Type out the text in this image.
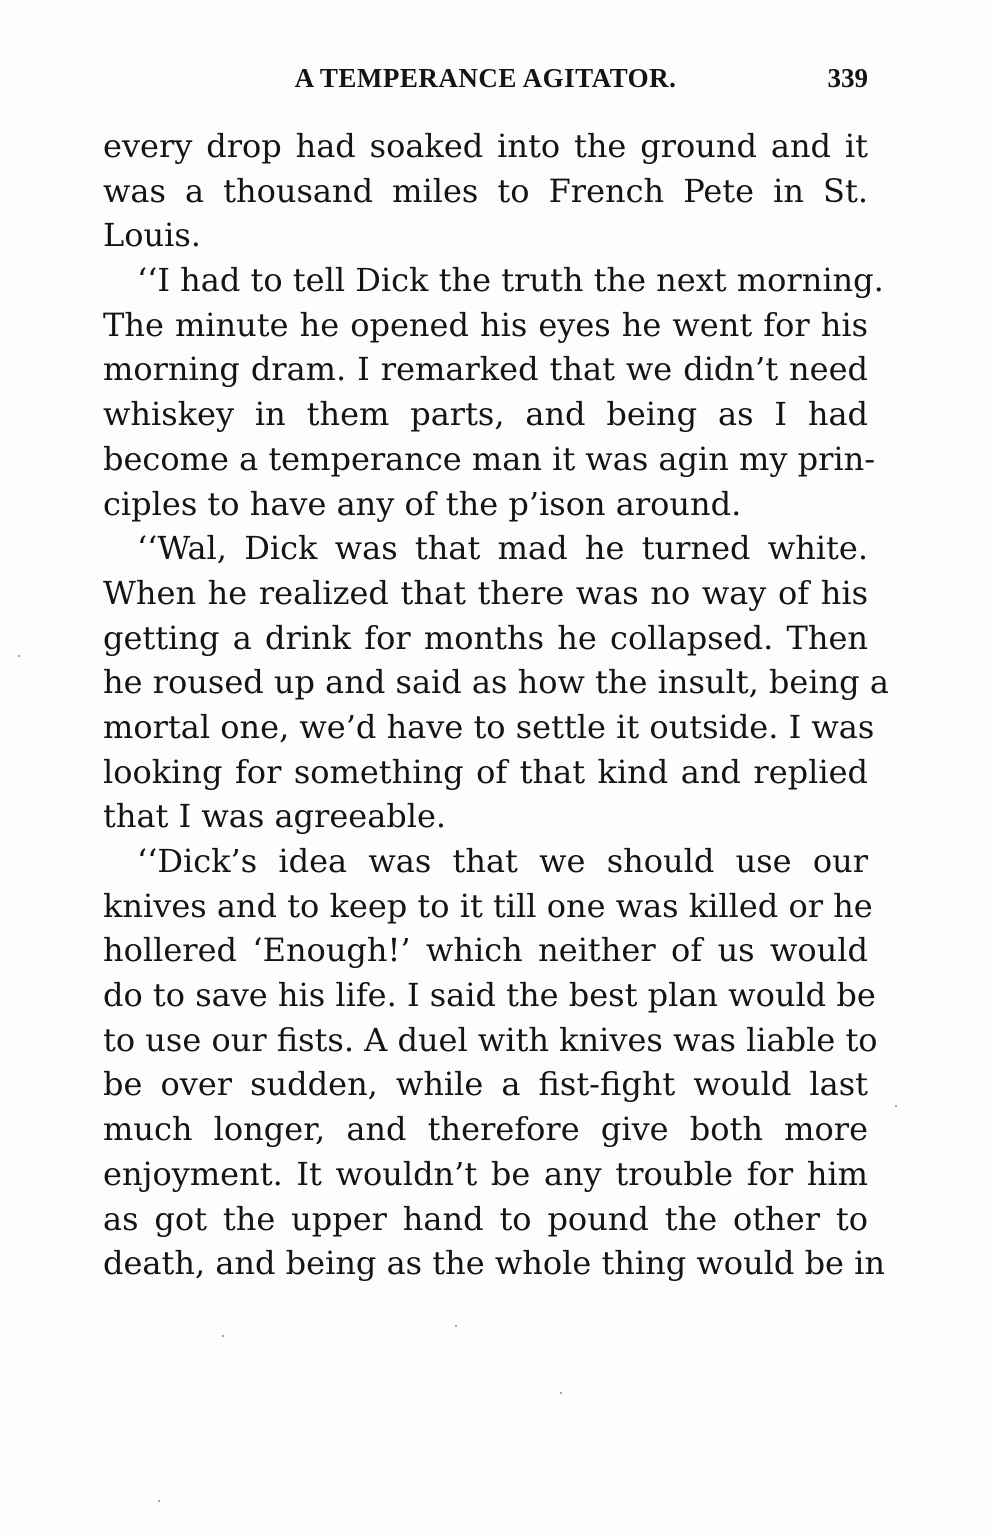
A TEMPERANCE AGITATOR.	339
every drop had soaked into the ground and it
was a thousand miles to French Pete in St.
Louis.
‘‘I had to tell Dick the truth the next morning.
The minute he opened his eyes he went for his
morning dram. I remarked that we didn’t need
whiskey in them parts, and being as I had
become a temperance man it was agin my prin-
ciples to have any of the p’ison around.
‘‘Wal, Dick was that mad he turned white.
When he realized that there was no way of his
getting a drink for months he collapsed. Then
he roused up and said as how the insult, being a
mortal one, we’d have to settle it outside. I was
looking for something of that kind and replied
that I was agreeable.
‘‘Dick’s idea was that we should use our
knives and to keep to it till one was killed or he
hollered ‘Enough!’ which neither of us would
do to save his life. I said the best plan would be
to use our fists. A duel with knives was liable to
be over sudden, while a fist-fight would last
much longer, and therefore give both more
enjoyment. It wouldn’t be any trouble for him
as got the upper hand to pound the other to
death, and being as the whole thing would be in
